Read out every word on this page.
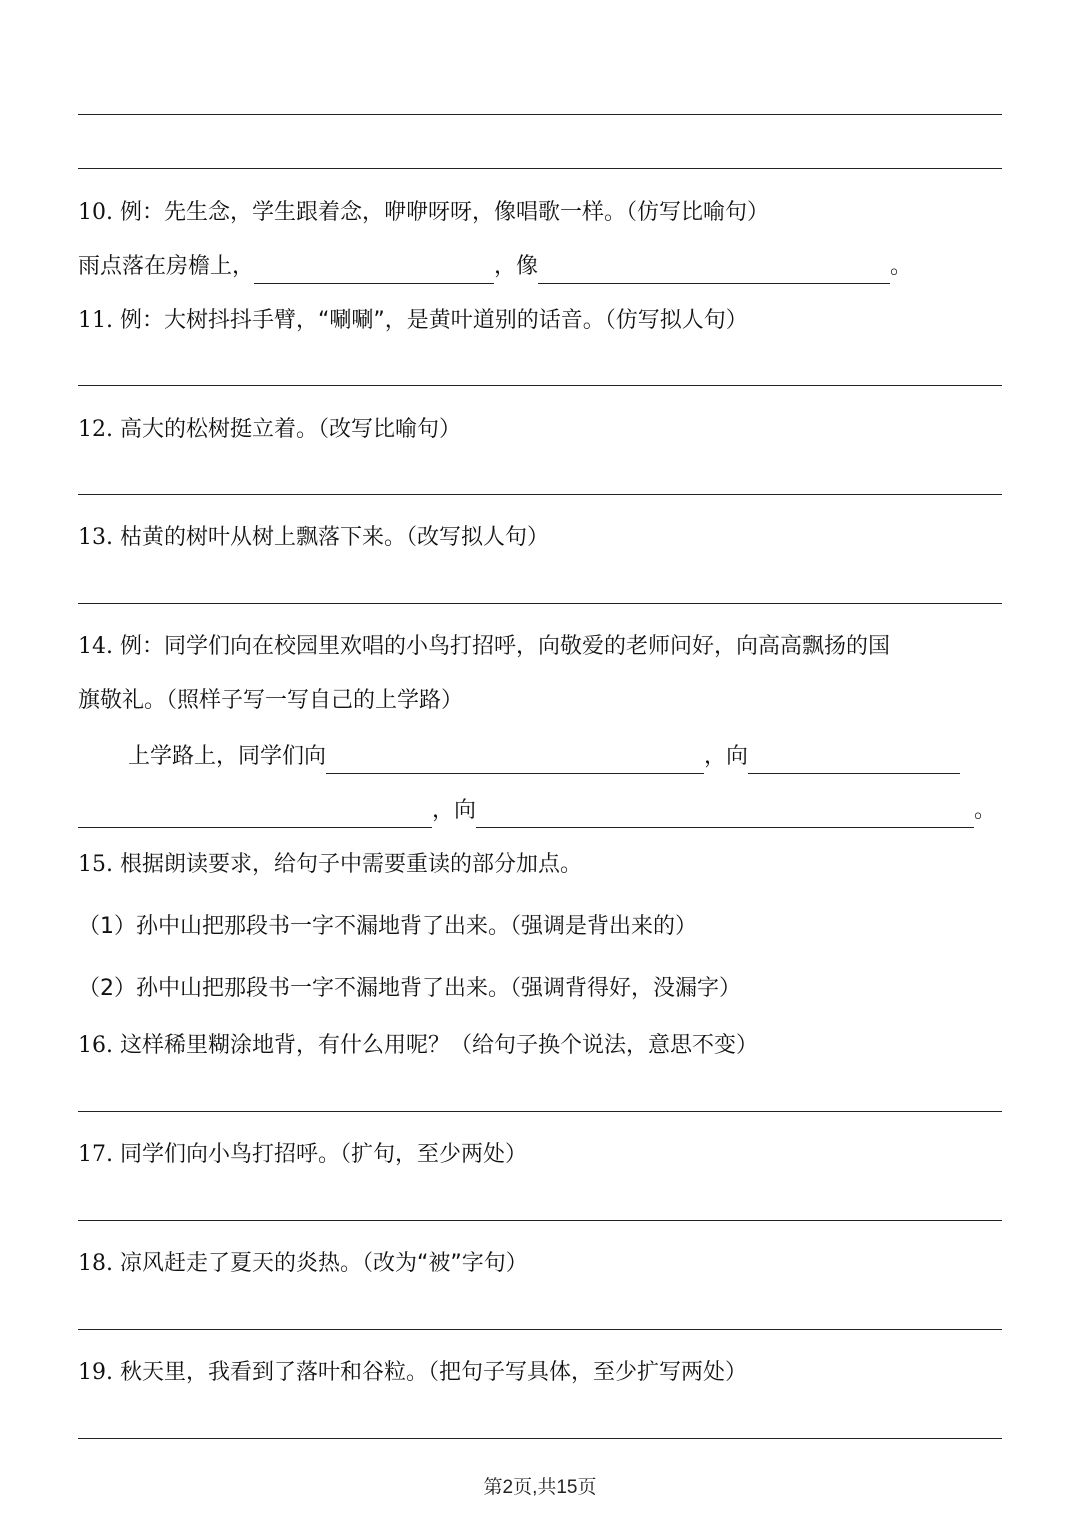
10. 例：先生念，学生跟着念，咿咿呀呀，像唱歌一样。（仿写比喻句）

雨点落在房檐上，	，像	。

11. 例：大树抖抖手臂，“唰唰”，是黄叶道别的话音。（仿写拟人句）

12. 高大的松树挺立着。（改写比喻句）

13. 枯黄的树叶从树上飘落下来。（改写拟人句）

14. 例：同学们向在校园里欢唱的小鸟打招呼，向敬爱的老师问好，向高高飘扬的国

旗敬礼。（照样子写一写自己的上学路）

上学路上，同学们向	，向

，向	。

15. 根据朗读要求，给句子中需要重读的部分加点。

（1）孙中山把那段书一字不漏地背了出来。（强调是背出来的）

（2）孙中山把那段书一字不漏地背了出来。（强调背得好，没漏字）

16. 这样稀里糊涂地背，有什么用呢？（给句子换个说法，意思不变）

17. 同学们向小鸟打招呼。（扩句，至少两处）

18. 凉风赶走了夏天的炎热。（改为“被”字句）

19. 秋天里，我看到了落叶和谷粒。（把句子写具体，至少扩写两处）

第2页,共15页
